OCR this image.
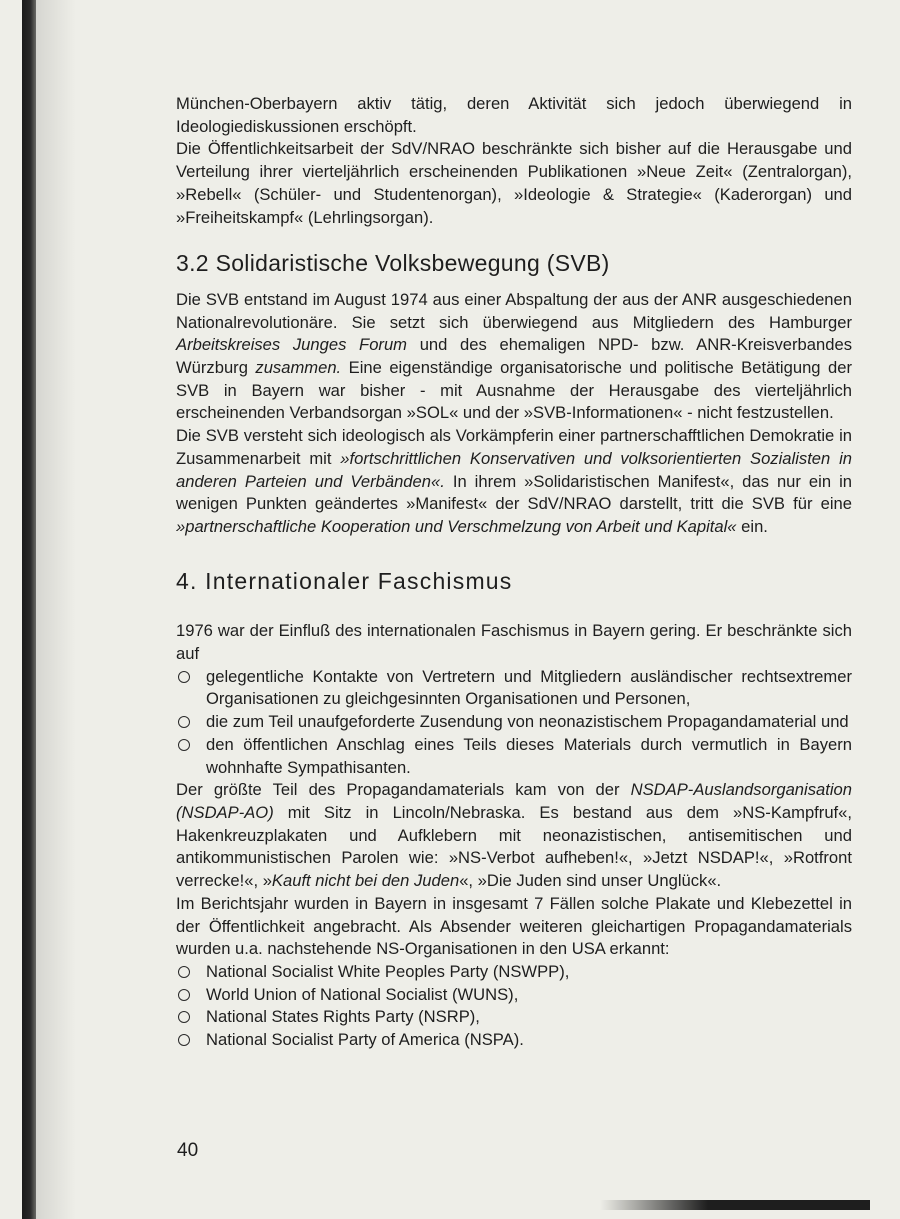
München-Oberbayern aktiv tätig, deren Aktivität sich jedoch überwiegend in Ideologiediskussionen erschöpft.

Die Öffentlichkeitsarbeit der SdV/NRAO beschränkte sich bisher auf die Herausgabe und Verteilung ihrer vierteljährlich erscheinenden Publikationen »Neue Zeit« (Zentralorgan), »Rebell« (Schüler- und Studentenorgan), »Ideologie & Strategie« (Kaderorgan) und »Freiheitskampf« (Lehrlingsorgan).

3.2 Solidaristische Volksbewegung (SVB)

Die SVB entstand im August 1974 aus einer Abspaltung der aus der ANR ausgeschiedenen Nationalrevolutionäre. Sie setzt sich überwiegend aus Mitgliedern des Hamburger Arbeitskreises Junges Forum und des ehemaligen NPD- bzw. ANR-Kreisverbandes Würzburg zusammen. Eine eigenständige organisatorische und politische Betätigung der SVB in Bayern war bisher - mit Ausnahme der Herausgabe des vierteljährlich erscheinenden Verbandsorgan »SOL« und der »SVB-Informationen« - nicht festzustellen.

Die SVB versteht sich ideologisch als Vorkämpferin einer partnerschafftlichen Demokratie in Zusammenarbeit mit »fortschrittlichen Konservativen und volksorientierten Sozialisten in anderen Parteien und Verbänden«. In ihrem »Solidaristischen Manifest«, das nur ein in wenigen Punkten geändertes »Manifest« der SdV/NRAO darstellt, tritt die SVB für eine »partnerschaftliche Kooperation und Verschmelzung von Arbeit und Kapital« ein.

4. Internationaler Faschismus

1976 war der Einfluß des internationalen Faschismus in Bayern gering. Er beschränkte sich auf

gelegentliche Kontakte von Vertretern und Mitgliedern ausländischer rechtsextremer Organisationen zu gleichgesinnten Organisationen und Personen,
die zum Teil unaufgeforderte Zusendung von neonazistischem Propagandamaterial und
den öffentlichen Anschlag eines Teils dieses Materials durch vermutlich in Bayern wohnhafte Sympathisanten.

Der größte Teil des Propagandamaterials kam von der NSDAP-Auslandsorganisation (NSDAP-AO) mit Sitz in Lincoln/Nebraska. Es bestand aus dem »NS-Kampfruf«, Hakenkreuzplakaten und Aufklebern mit neonazistischen, antisemitischen und antikommunistischen Parolen wie: »NS-Verbot aufheben!«, »Jetzt NSDAP!«, »Rotfront verrecke!«, »Kauft nicht bei den Juden«, »Die Juden sind unser Unglück«.

Im Berichtsjahr wurden in Bayern in insgesamt 7 Fällen solche Plakate und Klebezettel in der Öffentlichkeit angebracht. Als Absender weiteren gleichartigen Propagandamaterials wurden u.a. nachstehende NS-Organisationen in den USA erkannt:

National Socialist White Peoples Party (NSWPP),
World Union of National Socialist (WUNS),
National States Rights Party (NSRP),
National Socialist Party of America (NSPA).
40
